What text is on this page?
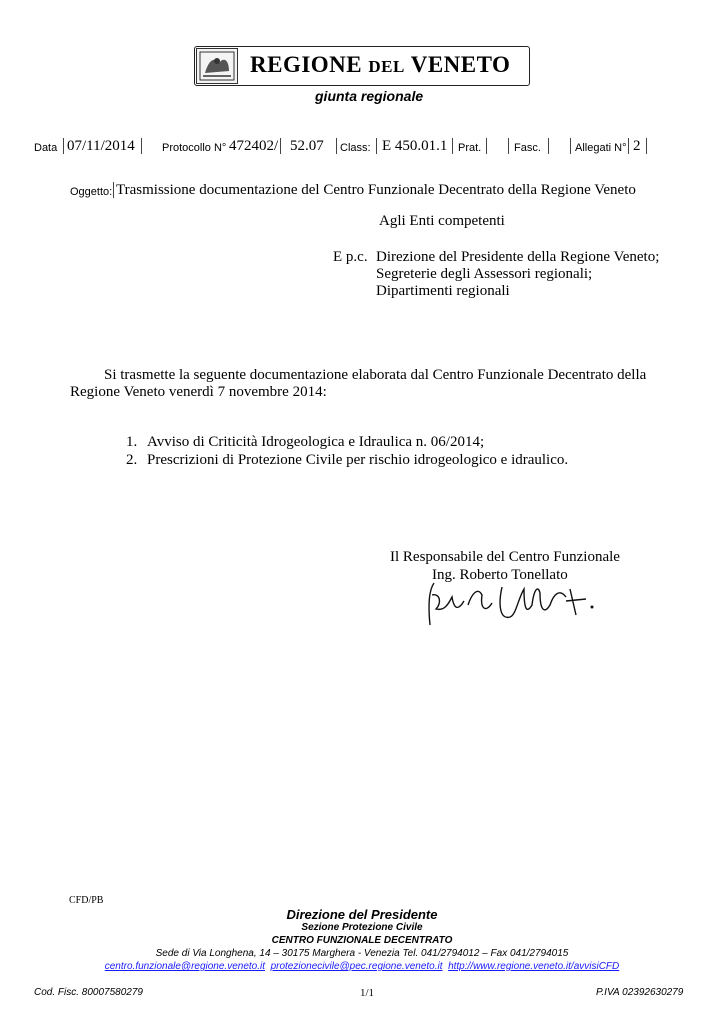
REGIONE DEL VENETO
giunta regionale
Data 07/11/2014 Protocollo N° 472402/ 52.07 Class: E 450.01.1 Prat.	Fasc.	Allegati N° 2
Oggetto: Trasmissione documentazione del Centro Funzionale Decentrato della Regione Veneto
Agli Enti competenti
E p.c. Direzione del Presidente della Regione Veneto;
Segreterie degli Assessori regionali;
Dipartimenti regionali
Si trasmette la seguente documentazione elaborata dal Centro Funzionale Decentrato della
Regione Veneto venerdì 7 novembre 2014:
1. Avviso di Criticità Idrogeologica e Idraulica n. 06/2014;
2. Prescrizioni di Protezione Civile per rischio idrogeologico e idraulico.
Il Responsabile del Centro Funzionale
Ing. Roberto Tonellato
CFD/PB
Direzione del Presidente
Sezione Protezione Civile
CENTRO FUNZIONALE DECENTRATO
Sede di Via Longhena, 14 – 30175 Marghera - Venezia Tel. 041/2794012 – Fax 041/2794015
centro.funzionale@regione.veneto.it protezionecivile@pec.regione.veneto.it http://www.regione.veneto.it/avvisiCFD
Cod. Fisc. 80007580279	1/1	P.IVA 02392630279
